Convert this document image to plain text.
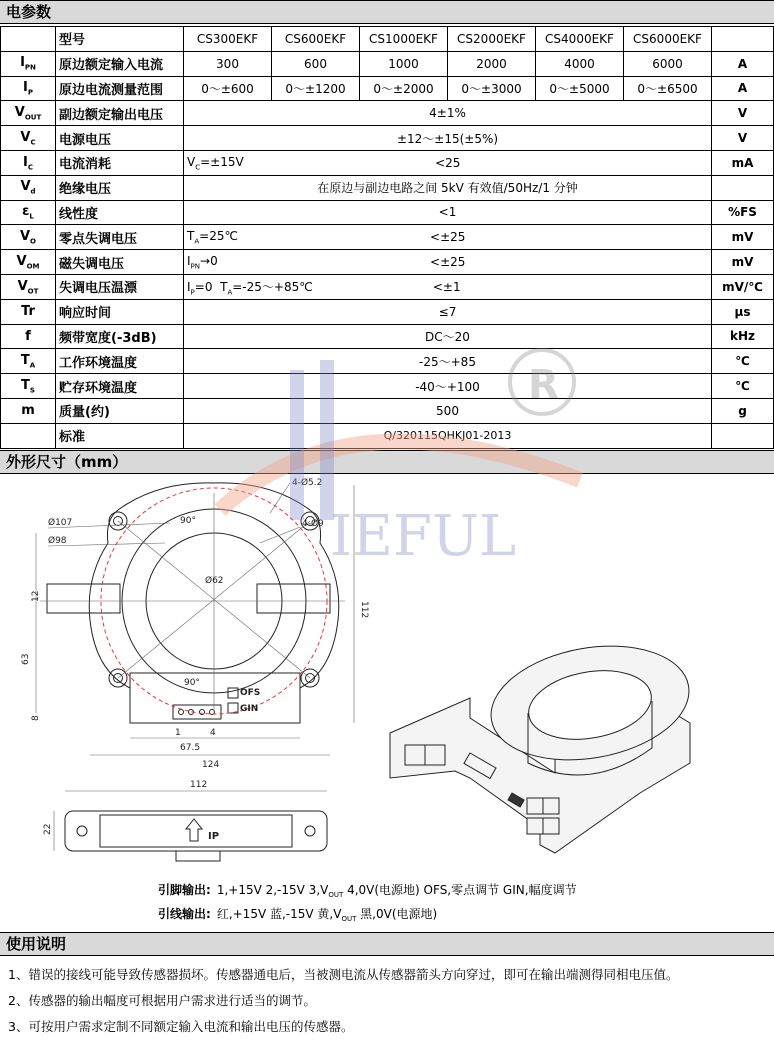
电参数
	型号	CS300EKF	CS600EKF	CS1000EKF	CS2000EKF	CS4000EKF	CS6000EKF	
$I_{PN}$	原边额定输入电流	300	600	1000	2000	4000	6000	A
$I_P$	原边电流测量范围	0～±600	0～±1200	0～±2000	0～±3000	0～±5000	0～±6500	A
$V_{OUT}$	副边额定输出电压	4±1%						V
$V_C$	电源电压	±12～±15(±5%)						V
$I_C$	电流消耗	$V_C=\pm 15V$	<25					mA
$V_d$	绝缘电压	在原边与副边电路之间 5kV 有效值/50Hz/1 分钟						
$\varepsilon_L$	线性度	<1						%FS
$V_O$	零点失调电压	$T_A=25℃$	<±25					mV
$V_{OM}$	磁失调电压	$I_{PN}\to 0$	<±25					mV
$V_{OT}$	失调电压温漂	$I_P=0$  $T_A=-25\sim+85℃$		<±1				mV/℃
Tr	响应时间	≤7						μs
f	频带宽度(-3dB)	DC～20						kHz
$T_A$	工作环境温度	-25～+85						℃
$T_S$	贮存环境温度	-40～+100						℃
m	质量(约)	500						g
	标准	Q/320115QHKJ01-2013						
外形尺寸（mm）
Ø107
Ø98
Ø62
4-Ø5.2
4-Ø9
90°
90°
12
63
8
112
1	4
67.5
124
OFS
GIN
112
22
IP
引脚输出: 1,+15V 2,-15V $3,V_{OUT}$ 4,0V(电源地) OFS,零点调节 GIN,幅度调节
引线输出: 红,+15V 蓝,-15V 黄$,V_{OUT}$ 黑,0V(电源地)
IEFUL
R
使用说明
1、错误的接线可能导致传感器损坏。传感器通电后，当被测电流从传感器箭头方向穿过，即可在输出端测得同相电压值。
2、传感器的输出幅度可根据用户需求进行适当的调节。
3、可按用户需求定制不同额定输入电流和输出电压的传感器。
